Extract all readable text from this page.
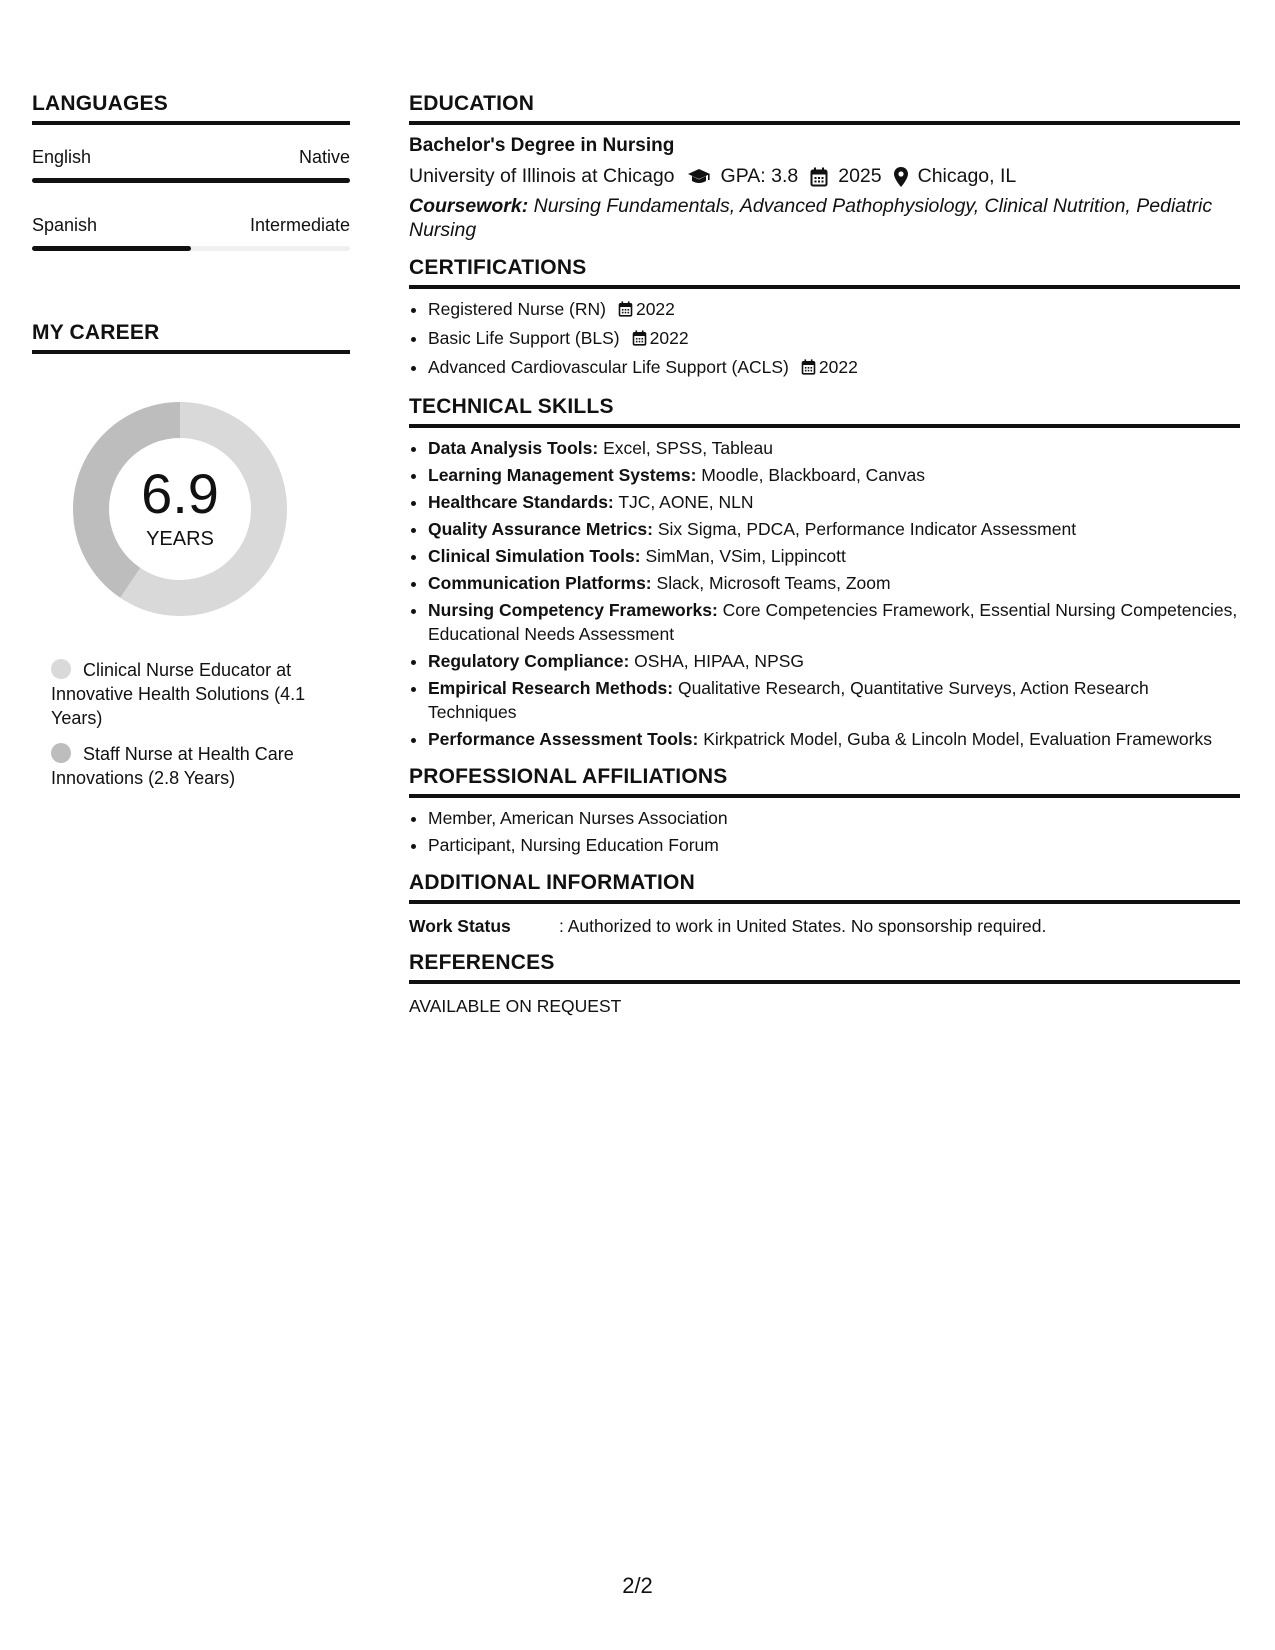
LANGUAGES
English	Native
Spanish	Intermediate
MY CAREER
6.9
YEARS
Clinical Nurse Educator at Innovative Health Solutions (4.1 Years)
Staff Nurse at Health Care Innovations (2.8 Years)
EDUCATION
Bachelor's Degree in Nursing
University of Illinois at Chicago GPA: 3.8 2025 Chicago, IL
Coursework: Nursing Fundamentals, Advanced Pathophysiology, Clinical Nutrition, Pediatric Nursing
CERTIFICATIONS
• Registered Nurse (RN) 2022
• Basic Life Support (BLS) 2022
• Advanced Cardiovascular Life Support (ACLS) 2022
TECHNICAL SKILLS
• Data Analysis Tools: Excel, SPSS, Tableau
• Learning Management Systems: Moodle, Blackboard, Canvas
• Healthcare Standards: TJC, AONE, NLN
• Quality Assurance Metrics: Six Sigma, PDCA, Performance Indicator Assessment
• Clinical Simulation Tools: SimMan, VSim, Lippincott
• Communication Platforms: Slack, Microsoft Teams, Zoom
• Nursing Competency Frameworks: Core Competencies Framework, Essential Nursing Competencies, Educational Needs Assessment
• Regulatory Compliance: OSHA, HIPAA, NPSG
• Empirical Research Methods: Qualitative Research, Quantitative Surveys, Action Research Techniques
• Performance Assessment Tools: Kirkpatrick Model, Guba & Lincoln Model, Evaluation Frameworks
PROFESSIONAL AFFILIATIONS
• Member, American Nurses Association
• Participant, Nursing Education Forum
ADDITIONAL INFORMATION
Work Status	: Authorized to work in United States. No sponsorship required.
REFERENCES
AVAILABLE ON REQUEST
2/2
